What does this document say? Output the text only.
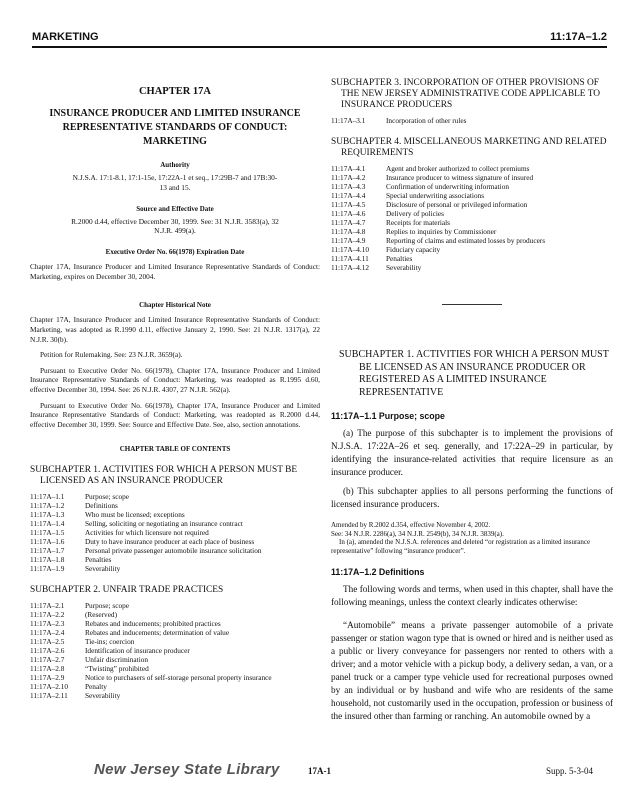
MARKETING	11:17A–1.2
CHAPTER 17A
INSURANCE PRODUCER AND LIMITED INSURANCE REPRESENTATIVE STANDARDS OF CONDUCT: MARKETING
Authority
N.J.S.A. 17:1-8.1, 17:1-15e, 17:22A-1 et seq., 17:29B-7 and 17B:30-13 and 15.
Source and Effective Date
R.2000 d.44, effective December 30, 1999. See: 31 N.J.R. 3583(a), 32 N.J.R. 499(a).
Executive Order No. 66(1978) Expiration Date

Chapter 17A, Insurance Producer and Limited Insurance Representative Standards of Conduct: Marketing, expires on December 30, 2004.

Chapter Historical Note

Chapter 17A, Insurance Producer and Limited Insurance Representative Standards of Conduct: Marketing, was adopted as R.1990 d.11, effective January 2, 1990. See: 21 N.J.R. 1317(a), 22 N.J.R. 30(b).

Petition for Rulemaking. See: 23 N.J.R. 3659(a).

Pursuant to Executive Order No. 66(1978), Chapter 17A, Insurance Producer and Limited Insurance Representative Standards of Conduct: Marketing, was readopted as R.1995 d.60, effective December 30, 1994. See: 26 N.J.R. 4307, 27 N.J.R. 562(a).

Pursuant to Executive Order No. 66(1978), Chapter 17A, Insurance Producer and Limited Insurance Representative Standards of Conduct: Marketing, was readopted as R.2000 d.44, effective December 30, 1999. See: Source and Effective Date. See, also, section annotations.

CHAPTER TABLE OF CONTENTS
SUBCHAPTER 1. ACTIVITIES FOR WHICH A PERSON MUST BE LICENSED AS AN INSURANCE PRODUCER
11:17A–1.1	Purpose; scope
11:17A–1.2	Definitions
11:17A–1.3	Who must be licensed; exceptions
11:17A–1.4	Selling, soliciting or negotiating an insurance contract
11:17A–1.5	Activities for which licensure not required
11:17A–1.6	Duty to have insurance producer at each place of business
11:17A–1.7	Personal private passenger automobile insurance solicitation
11:17A–1.8	Penalties
11:17A–1.9	Severability
SUBCHAPTER 2. UNFAIR TRADE PRACTICES
11:17A–2.1	Purpose; scope
11:17A–2.2	(Reserved)
11:17A–2.3	Rebates and inducements; prohibited practices
11:17A–2.4	Rebates and inducements; determination of value
11:17A–2.5	Tie-ins; coercion
11:17A–2.6	Identification of insurance producer
11:17A–2.7	Unfair discrimination
11:17A–2.8	“Twisting” prohibited
11:17A–2.9	Notice to purchasers of self-storage personal property insurance
11:17A–2.10	Penalty
11:17A–2.11	Severability
SUBCHAPTER 3. INCORPORATION OF OTHER PROVISIONS OF THE NEW JERSEY ADMINISTRATIVE CODE APPLICABLE TO INSURANCE PRODUCERS
11:17A–3.1	Incorporation of other rules
SUBCHAPTER 4. MISCELLANEOUS MARKETING AND RELATED REQUIREMENTS
11:17A–4.1	Agent and broker authorized to collect premiums
11:17A–4.2	Insurance producer to witness signature of insured
11:17A–4.3	Confirmation of underwriting information
11:17A–4.4	Special underwriting associations
11:17A–4.5	Disclosure of personal or privileged information
11:17A–4.6	Delivery of policies
11:17A–4.7	Receipts for materials
11:17A–4.8	Replies to inquiries by Commissioner
11:17A–4.9	Reporting of claims and estimated losses by producers
11:17A–4.10	Fiduciary capacity
11:17A–4.11	Penalties
11:17A–4.12	Severability
SUBCHAPTER 1. ACTIVITIES FOR WHICH A PERSON MUST BE LICENSED AS AN INSURANCE PRODUCER OR REGISTERED AS A LIMITED INSURANCE REPRESENTATIVE
11:17A–1.1 Purpose; scope

(a) The purpose of this subchapter is to implement the provisions of N.J.S.A. 17:22A–26 et seq. generally, and 17:22A–29 in particular, by identifying the insurance-related activities that require licensure as an insurance producer.

(b) This subchapter applies to all persons performing the functions of licensed insurance producers.

Amended by R.2002 d.354, effective November 4, 2002.
See: 34 N.J.R. 2286(a), 34 N.J.R. 2549(b), 34 N.J.R. 3839(a).
In (a), amended the N.J.S.A. references and deleted “or registration as a limited insurance representative” following “insurance producer”.
11:17A–1.2 Definitions

The following words and terms, when used in this chapter, shall have the following meanings, unless the context clearly indicates otherwise:

“Automobile” means a private passenger automobile of a private passenger or station wagon type that is owned or hired and is neither used as a public or livery conveyance for passengers nor rented to others with a driver; and a motor vehicle with a pickup body, a delivery sedan, a van, or a panel truck or a camper type vehicle used for recreational purposes owned by an individual or by husband and wife who are residents of the same household, not customarily used in the occupation, profession or business of the insured other than farming or ranching. An automobile owned by a

New Jersey State Library	17A-1	Supp. 5-3-04
